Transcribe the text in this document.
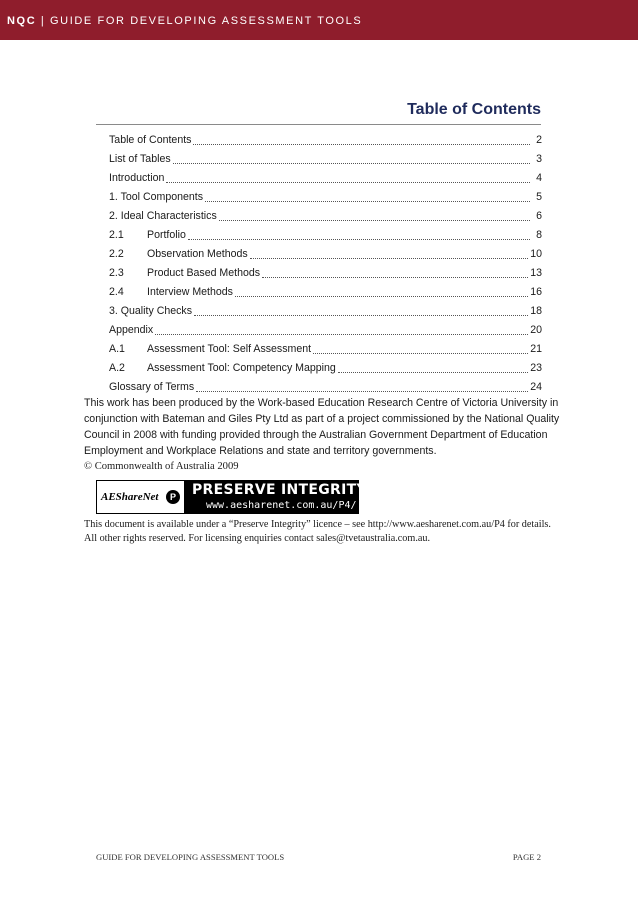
NQC | GUIDE FOR DEVELOPING ASSESSMENT TOOLS
Table of Contents
Table of Contents	2
List of Tables	3
Introduction	4
1. Tool Components	5
2. Ideal Characteristics	6
2.1	Portfolio	8
2.2	Observation Methods	10
2.3	Product Based Methods	13
2.4	Interview Methods	16
3. Quality Checks	18
Appendix	20
A.1	Assessment Tool: Self Assessment	21
A.2	Assessment Tool: Competency Mapping	23
Glossary of Terms	24
This work has been produced by the Work-based Education Research Centre of Victoria University in conjunction with Bateman and Giles Pty Ltd as part of a project commissioned by the National Quality Council in 2008 with funding provided through the Australian Government Department of Education Employment and Workplace Relations and state and territory governments.
© Commonwealth of Australia 2009
AEShareNet	P PRESERVE INTEGRITY
www.aesharenet.com.au/P4/
This document is available under a “Preserve Integrity” licence – see http://www.aesharenet.com.au/P4 for details. All other rights reserved. For licensing enquiries contact sales@tvetaustralia.com.au.
GUIDE FOR DEVELOPING ASSESSMENT TOOLS	PAGE 2
